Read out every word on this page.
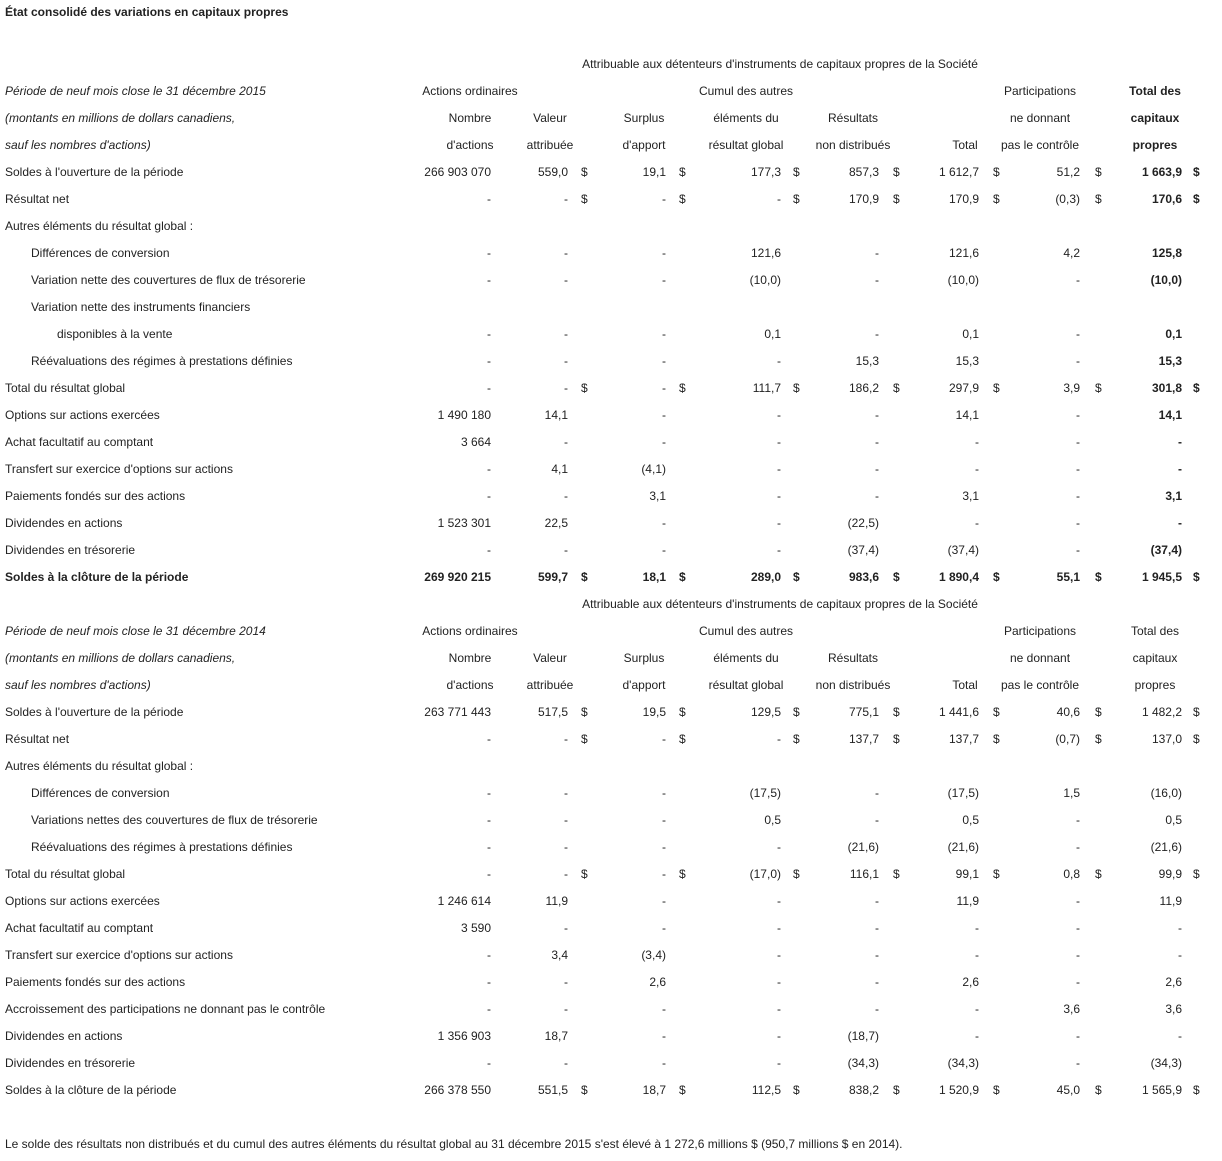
État consolidé des variations en capitaux propres
Attribuable aux détenteurs d'instruments de capitaux propres de la Société
Période de neuf mois close le 31 décembre 2015	Actions ordinaires	Cumul des autres	Participations	Total des
(montants en millions de dollars canadiens,	Nombre	Valeur	Surplus	éléments du	Résultats	ne donnant	capitaux
sauf les nombres d'actions)	d'actions	attribuée	d'apport	résultat global	non distribués	Total	pas le contrôle	propres
Soldes à l'ouverture de la période	266 903 070	559,0	19,1	177,3	857,3	1 612,7	51,2	1 663,9
$	$	$	$	$	$	$
Résultat net	-	-	-	-	170,9	170,9	(0,3)	170,6
$	$	$	$	$	$	$
Autres éléments du résultat global :
Différences de conversion	-	-	-	121,6	-	121,6	4,2	125,8
Variation nette des couvertures de flux de trésorerie	-	-	-	(10,0)	-	(10,0)	-	(10,0)
Variation nette des instruments financiers
disponibles à la vente	-	-	-	0,1	-	0,1	-	0,1
Réévaluations des régimes à prestations définies	-	-	-	-	15,3	15,3	-	15,3
Total du résultat global	-	-	-	111,7	186,2	297,9	3,9	301,8
$	$	$	$	$	$	$
Options sur actions exercées	1 490 180	14,1	-	-	-	14,1	-	14,1
Achat facultatif au comptant	3 664	-	-	-	-	-	-	-
Transfert sur exercice d'options sur actions	-	4,1	(4,1)	-	-	-	-	-
Paiements fondés sur des actions	-	-	3,1	-	-	3,1	-	3,1
Dividendes en actions	1 523 301	22,5	-	-	(22,5)	-	-	-
Dividendes en trésorerie	-	-	-	-	(37,4)	(37,4)	-	(37,4)
Soldes à la clôture de la période	269 920 215	599,7	18,1	289,0	983,6	1 890,4	55,1	1 945,5
$	$	$	$	$	$	$
Attribuable aux détenteurs d'instruments de capitaux propres de la Société
Période de neuf mois close le 31 décembre 2014	Actions ordinaires	Cumul des autres	Participations	Total des
(montants en millions de dollars canadiens,	Nombre	Valeur	Surplus	éléments du	Résultats	ne donnant	capitaux
sauf les nombres d'actions)	d'actions	attribuée	d'apport	résultat global	non distribués	Total	pas le contrôle	propres
Soldes à l'ouverture de la période	263 771 443	517,5	19,5	129,5	775,1	1 441,6	40,6	1 482,2
$	$	$	$	$	$	$
Résultat net	-	-	-	-	137,7	137,7	(0,7)	137,0
$	$	$	$	$	$	$
Autres éléments du résultat global :
Différences de conversion	-	-	-	(17,5)	-	(17,5)	1,5	(16,0)
Variations nettes des couvertures de flux de trésorerie	-	-	-	0,5	-	0,5	-	0,5
Réévaluations des régimes à prestations définies	-	-	-	-	(21,6)	(21,6)	-	(21,6)
Total du résultat global	-	-	-	(17,0)	116,1	99,1	0,8	99,9
$	$	$	$	$	$	$
Options sur actions exercées	1 246 614	11,9	-	-	-	11,9	-	11,9
Achat facultatif au comptant	3 590	-	-	-	-	-	-	-
Transfert sur exercice d'options sur actions	-	3,4	(3,4)	-	-	-	-	-
Paiements fondés sur des actions	-	-	2,6	-	-	2,6	-	2,6
Accroissement des participations ne donnant pas le contrôle	-	-	-	-	-	-	3,6	3,6
Dividendes en actions	1 356 903	18,7	-	-	(18,7)	-	-	-
Dividendes en trésorerie	-	-	-	-	(34,3)	(34,3)	-	(34,3)
Soldes à la clôture de la période	266 378 550	551,5	18,7	112,5	838,2	1 520,9	45,0	1 565,9
$	$	$	$	$	$	$
Le solde des résultats non distribués et du cumul des autres éléments du résultat global au 31 décembre 2015 s'est élevé à 1 272,6 millions $ (950,7 millions $ en 2014).
